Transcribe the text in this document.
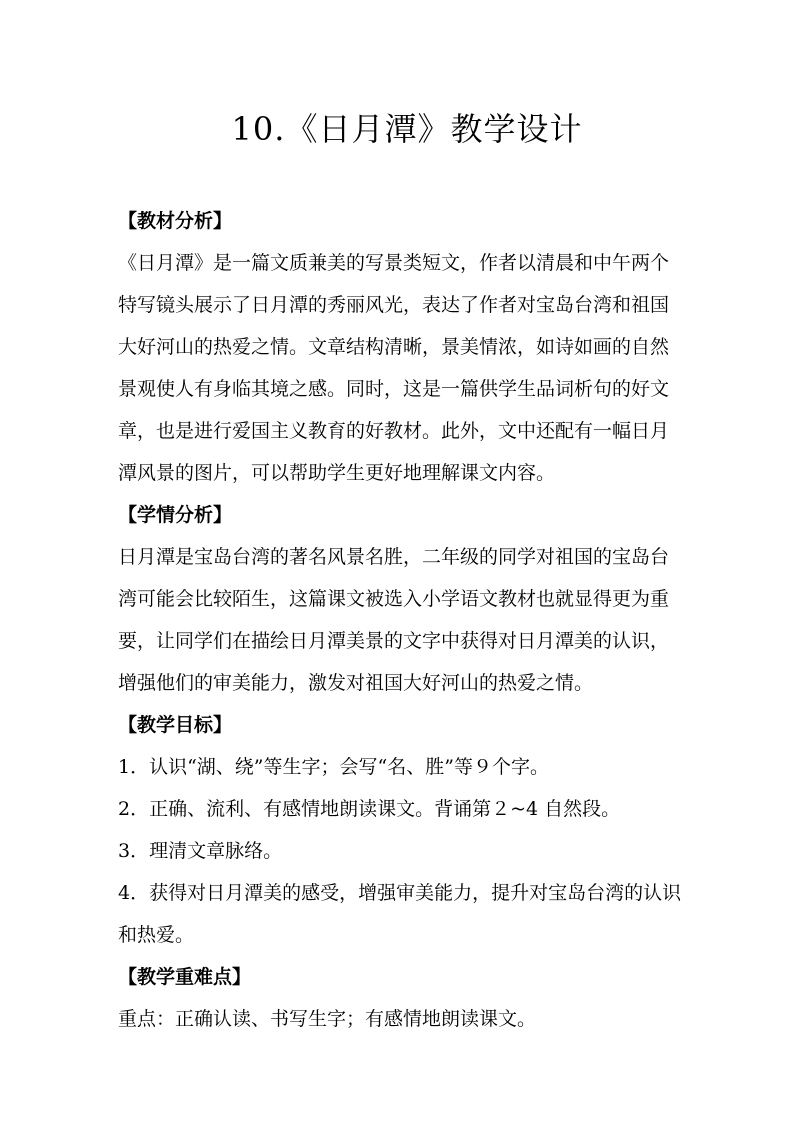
10.《日月潭》教学设计
【教材分析】
《日月潭》是一篇文质兼美的写景类短文，作者以清晨和中午两个
特写镜头展示了日月潭的秀丽风光，表达了作者对宝岛台湾和祖国
大好河山的热爱之情。文章结构清晰，景美情浓，如诗如画的自然
景观使人有身临其境之感。同时，这是一篇供学生品词析句的好文
章，也是进行爱国主义教育的好教材。此外，文中还配有一幅日月
潭风景的图片，可以帮助学生更好地理解课文内容。
【学情分析】
日月潭是宝岛台湾的著名风景名胜，二年级的同学对祖国的宝岛台
湾可能会比较陌生，这篇课文被选入小学语文教材也就显得更为重
要，让同学们在描绘日月潭美景的文字中获得对日月潭美的认识，
增强他们的审美能力，激发对祖国大好河山的热爱之情。
【教学目标】
1．认识“湖、绕”等生字；会写“名、胜”等９个字。
2．正确、流利、有感情地朗读课文。背诵第２~4 自然段。
3．理清文章脉络。
4．获得对日月潭美的感受，增强审美能力，提升对宝岛台湾的认识
和热爱。
【教学重难点】
重点：正确认读、书写生字；有感情地朗读课文。
